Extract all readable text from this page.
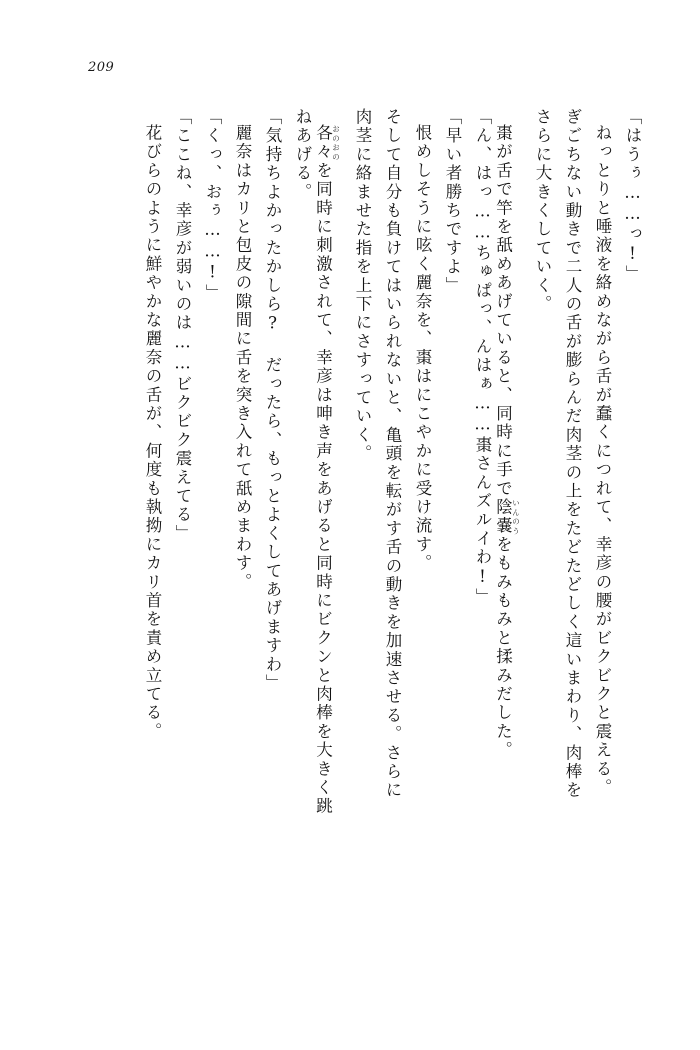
209
「はうぅ……っ!」
ねっとりと唾液を絡めながら舌が蠢くにつれて、幸彦の腰がビクビクと震える。
ぎごちない動きで二人の舌が膨らんだ肉茎の上をたどたどしく這いまわり、肉棒を
さらに大きくしていく。
棗が舌で竿を舐めあげていると、同時に手で陰嚢 いんのうをもみもみと揉みだした。
「ん、はっ……ちゅぱっ、んはぁ……棗さんズルイわ!」
「早い者勝ちですよ」
恨めしそうに呟く麗奈を、棗はにこやかに受け流す。
そして自分も負けてはいられないと、亀頭を転がす舌の動きを加速させる。さらに
肉茎に絡ませた指を上下にさすっていく。
各々 おのおのを同時に刺激されて、幸彦は呻き声をあげると同時にビクンと肉棒を大きく跳
ねあげる。
「気持ちよかったかしら? だったら、もっとよくしてあげますわ」
麗奈はカリと包皮の隙間に舌を突き入れて舐めまわす。
「くっ、おぅ……!」
「ここね、幸彦が弱いのは……ビクビク震えてる」
花びらのように鮮やかな麗奈の舌が、何度も執拗にカリ首を責め立てる。
